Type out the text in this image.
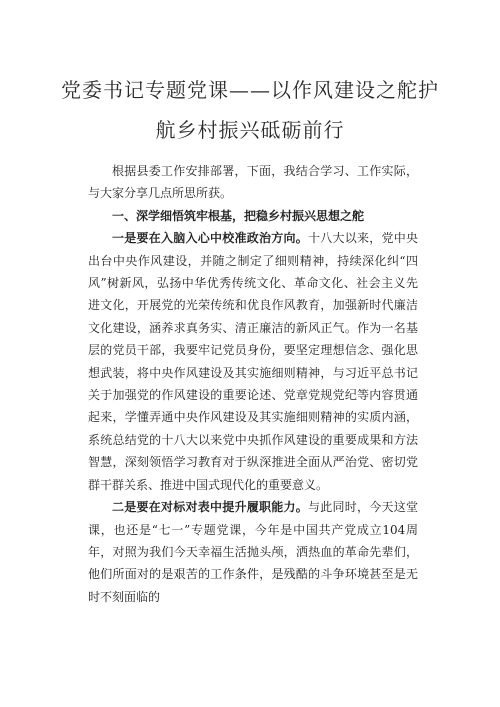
党委书记专题党课——以作风建设之舵护
航乡村振兴砥砺前行

根据县委工作安排部署，下面，我结合学习、工作实际，与大家分享几点所思所获。

一、深学细悟筑牢根基，把稳乡村振兴思想之舵

一是要在入脑入心中校准政治方向。十八大以来，党中央出台中央作风建设，并随之制定了细则精神，持续深化纠“四风”树新风，弘扬中华优秀传统文化、革命文化、社会主义先进文化，开展党的光荣传统和优良作风教育，加强新时代廉洁文化建设，涵养求真务实、清正廉洁的新风正气。作为一名基层的党员干部，我要牢记党员身份，要坚定理想信念、强化思想武装，将中央作风建设及其实施细则精神，与习近平总书记关于加强党的作风建设的重要论述、党章党规党纪等内容贯通起来，学懂弄通中央作风建设及其实施细则精神的实质内涵，系统总结党的十八大以来党中央抓作风建设的重要成果和方法智慧，深刻领悟学习教育对于纵深推进全面从严治党、密切党群干群关系、推进中国式现代化的重要意义。

二是要在对标对表中提升履职能力。与此同时，今天这堂课，也还是“七一”专题党课，今年是中国共产党成立104周年，对照为我们今天幸福生活抛头颅，洒热血的革命先辈们，他们所面对的是艰苦的工作条件，是残酷的斗争环境甚至是无时不刻面临的
